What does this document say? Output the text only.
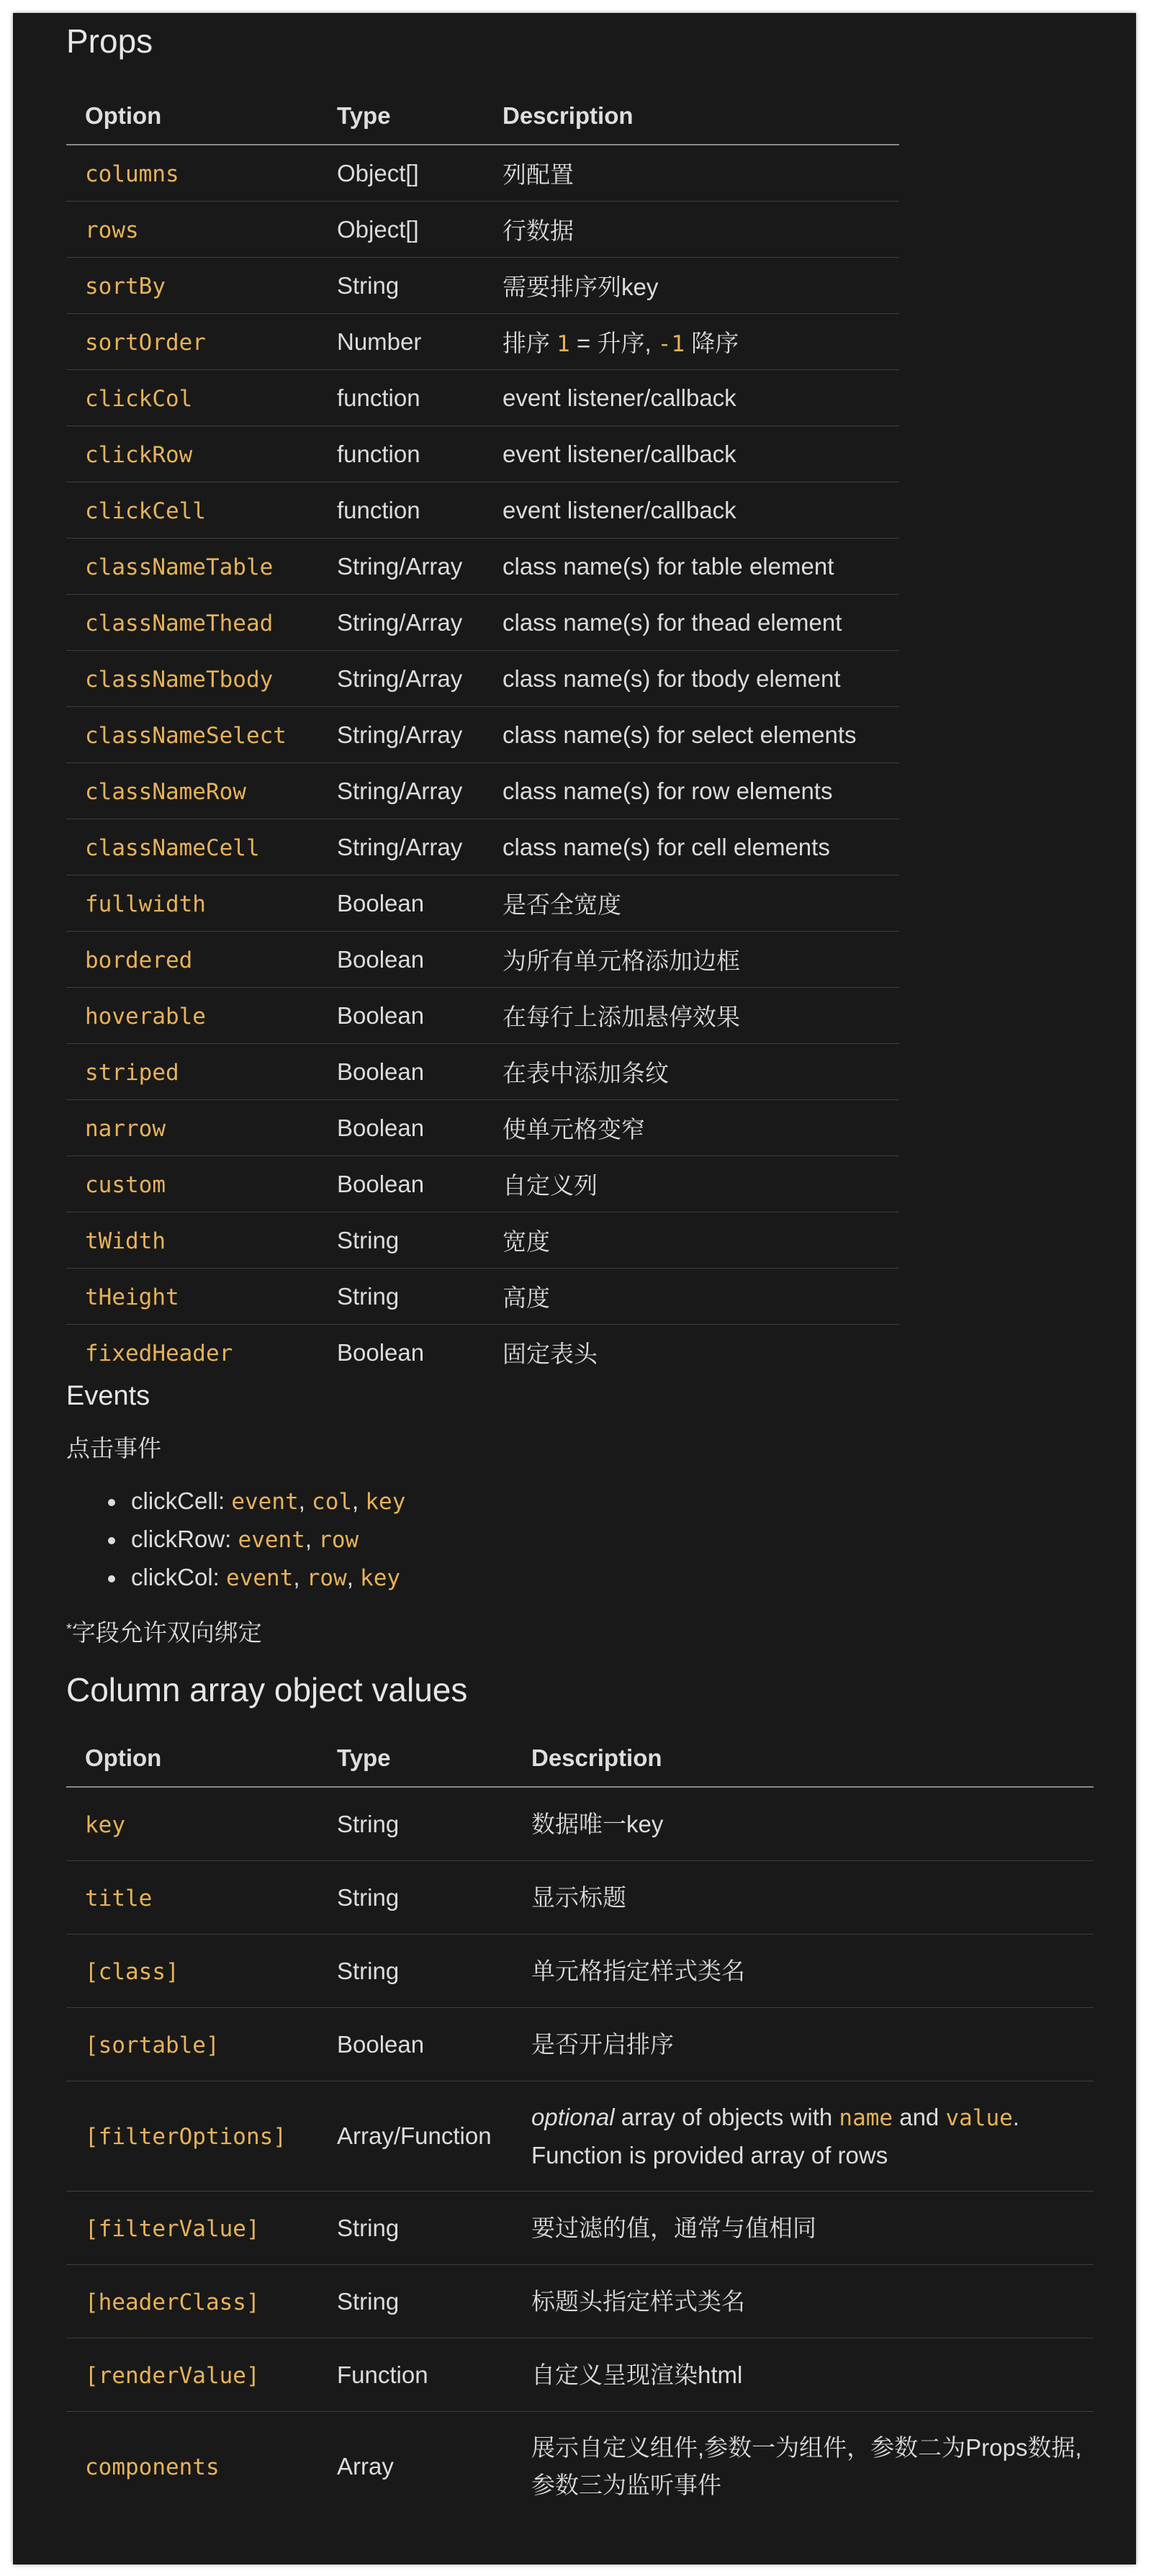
Props
Option	Type	Description
columns	Object[]	列配置
rows	Object[]	行数据
sortBy	String	需要排序列key
sortOrder	Number	排序 1 = 升序, -1 降序
clickCol	function	event listener/callback
clickRow	function	event listener/callback
clickCell	function	event listener/callback
classNameTable	String/Array	class name(s) for table element
classNameThead	String/Array	class name(s) for thead element
classNameTbody	String/Array	class name(s) for tbody element
classNameSelect	String/Array	class name(s) for select elements
classNameRow	String/Array	class name(s) for row elements
classNameCell	String/Array	class name(s) for cell elements
fullwidth	Boolean	是否全宽度
bordered	Boolean	为所有单元格添加边框
hoverable	Boolean	在每行上添加悬停效果
striped	Boolean	在表中添加条纹
narrow	Boolean	使单元格变窄
custom	Boolean	自定义列
tWidth	String	宽度
tHeight	String	高度
fixedHeader	Boolean	固定表头
Events
点击事件
clickCell: event, col, key
clickRow: event, row
clickCol: event, row, key
*字段允许双向绑定
Column array object values
Option	Type	Description
key	String	数据唯一key
title	String	显示标题
[class]	String	单元格指定样式类名
[sortable]	Boolean	是否开启排序
[filterOptions]	Array/Function	optional array of objects with name and value. Function is provided array of rows
[filterValue]	String	要过滤的值，通常与值相同
[headerClass]	String	标题头指定样式类名
[renderValue]	Function	自定义呈现渲染html
components	Array	展示自定义组件,参数一为组件，参数二为Props数据,参数三为监听事件
